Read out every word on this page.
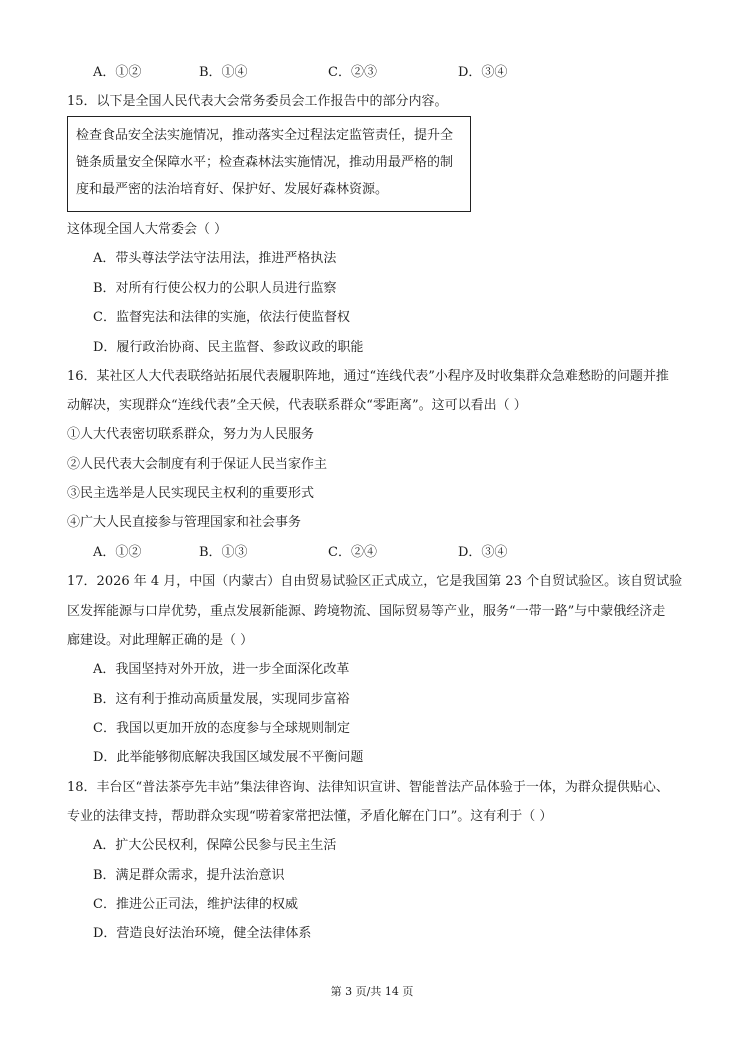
A．①②	B．①④	C．②③	D．③④
15．以下是全国人民代表大会常务委员会工作报告中的部分内容。
检查食品安全法实施情况，推动落实全过程法定监管责任，提升全
链条质量安全保障水平；检查森林法实施情况，推动用最严格的制
度和最严密的法治培育好、保护好、发展好森林资源。
这体现全国人大常委会（ ）
A．带头尊法学法守法用法，推进严格执法
B．对所有行使公权力的公职人员进行监察
C．监督宪法和法律的实施，依法行使监督权
D．履行政治协商、民主监督、参政议政的职能
16．某社区人大代表联络站拓展代表履职阵地，通过“连线代表”小程序及时收集群众急难愁盼的问题并推
动解决，实现群众“连线代表”全天候，代表联系群众“零距离”。这可以看出（ ）
①人大代表密切联系群众，努力为人民服务
②人民代表大会制度有利于保证人民当家作主
③民主选举是人民实现民主权利的重要形式
④广大人民直接参与管理国家和社会事务
A．①②	B．①③	C．②④	D．③④
17．2026 年 4 月，中国（内蒙古）自由贸易试验区正式成立，它是我国第 23 个自贸试验区。该自贸试验
区发挥能源与口岸优势，重点发展新能源、跨境物流、国际贸易等产业，服务“一带一路”与中蒙俄经济走
廊建设。对此理解正确的是（ ）
A．我国坚持对外开放，进一步全面深化改革
B．这有利于推动高质量发展，实现同步富裕
C．我国以更加开放的态度参与全球规则制定
D．此举能够彻底解决我国区域发展不平衡问题
18．丰台区“普法茶亭先丰站”集法律咨询、法律知识宣讲、智能普法产品体验于一体，为群众提供贴心、
专业的法律支持，帮助群众实现“唠着家常把法懂，矛盾化解在门口”。这有利于（ ）
A．扩大公民权利，保障公民参与民主生活
B．满足群众需求，提升法治意识
C．推进公正司法，维护法律的权威
D．营造良好法治环境，健全法律体系
第 3 页/共 14 页
